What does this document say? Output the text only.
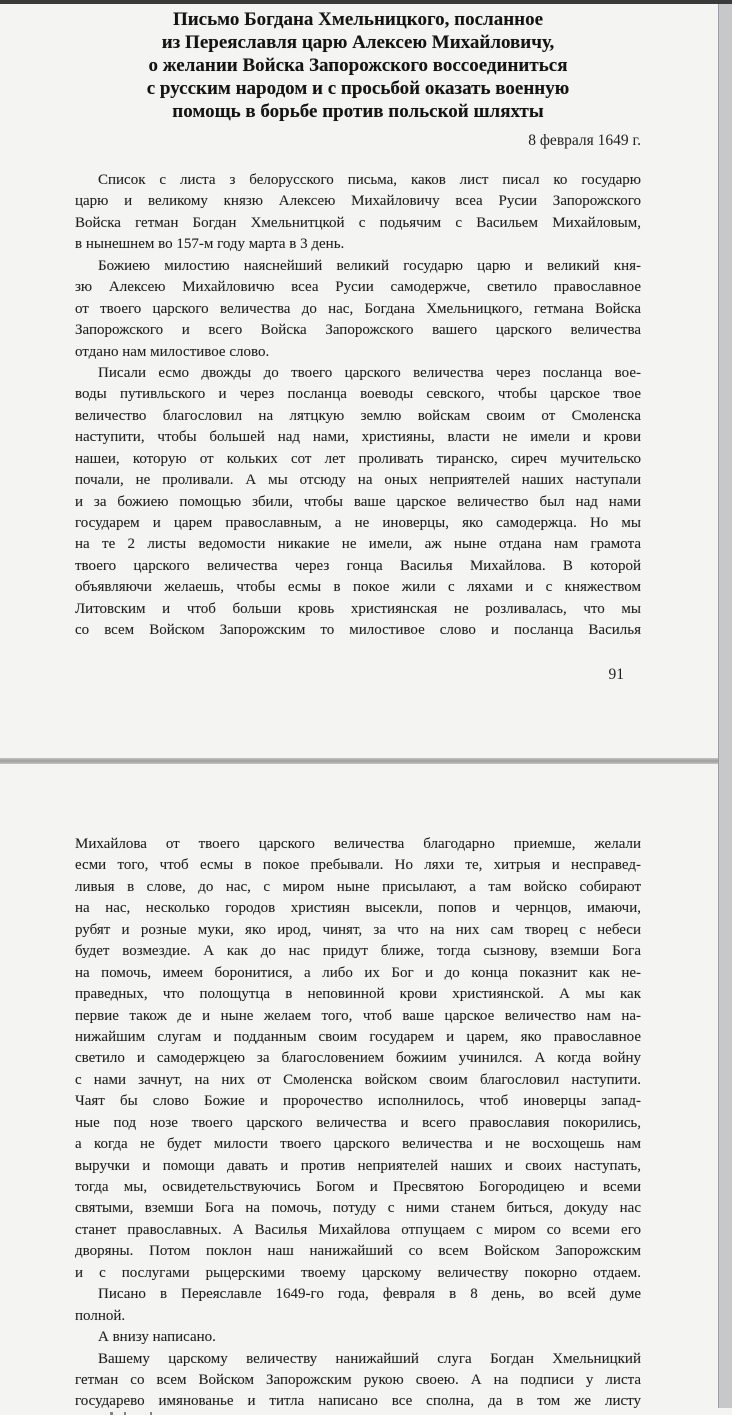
Письмо Богдана Хмельницкого, посланное
из Переяславля царю Алексею Михайловичу,
о желании Войска Запорожского воссоединиться
с русским народом и с просьбой оказать военную
помощь в борьбе против польской шляхты
8 февраля 1649 г.
Список с листа з белорусского письма, каков лист писал ко государю
царю и великому князю Алексею Михайловичу всеа Русии Запорожского
Войска гетман Богдан Хмельнитцкой с подьячим с Васильем Михайловым,
в нынешнем во 157-м году марта в 3 день.
Божиею милостию наяснейший великий государю царю и великий кня-
зю Алексею Михайловичю всеа Русии самодержче, светило православное
от твоего царского величества до нас, Богдана Хмельницкого, гетмана Войска
Запорожского и всего Войска Запорожского вашего царского величества
отдано нам милостивое слово.
Писали есмо двожды до твоего царского величества через посланца вое-
воды путивльского и через посланца воеводы севского, чтобы царское твое
величество благословил на лятцкую землю войскам своим от Смоленска
наступити, чтобы большей над нами, християны, власти не имели и крови
нашеи, которую от кольких сот лет проливать тиранско, сиреч мучительско
почали, не проливали. А мы отсюду на оных неприятелей наших наступали
и за божиею помощью збили, чтобы ваше царское величество был над нами
государем и царем православным, а не иноверцы, яко самодержца. Но мы
на те 2 листы ведомости никакие не имели, аж ныне отдана нам грамота
твоего царского величества через гонца Василья Михайлова. В которой
объявляючи желаешь, чтобы есмы в покое жили с ляхами и с княжеством
Литовским и чтоб больши кровь християнская не розливалась, что мы
со всем Войском Запорожским то милостивое слово и посланца Василья
91
Михайлова от твоего царского величества благодарно приемше, желали
есми того, чтоб есмы в покое пребывали. Но ляхи те, хитрыя и несправед-
ливыя в слове, до нас, с миром ныне присылают, а там войско собирают
на нас, несколько городов християн высекли, попов и чернцов, имаючи,
рубят и розные муки, яко ирод, чинят, за что на них сам творец с небеси
будет возмездие. А как до нас придут ближе, тогда сызнову, вземши Бога
на помочь, имеем боронитися, а либо их Бог и до конца показнит как не-
праведных, что полощутца в неповинной крови християнской. А мы как
первие також де и ныне желаем того, чтоб ваше царское величество нам на-
нижайшим слугам и подданным своим государем и царем, яко православное
светило и самодержцею за благословением божиим учинился. А когда войну
с нами зачнут, на них от Смоленска войском своим благословил наступити.
Чаят бы слово Божие и пророчество исполнилось, чтоб иноверцы запад-
ные под нозе твоего царского величества и всего православия покорились,
а когда не будет милости твоего царского величества и не восхощешь нам
выручки и помощи давать и против неприятелей наших и своих наступать,
тогда мы, освидетельствуючись Богом и Пресвятою Богородицею и всеми
святыми, вземши Бога на помочь, потуду с ними станем биться, докуду нас
станет православных. А Василья Михайлова отпущаем с миром со всеми его
дворяны. Потом поклон наш нанижайший со всем Войском Запорожским
и с послугами рыцерскими твоему царскому величеству покорно отдаем.
Писано в Переяславле 1649-го года, февраля в 8 день, во всей думе
полной.
А внизу написано.
Вашему царскому величеству нанижайший слуга Богдан Хмельницкий
гетман со всем Войском Запорожским рукою своею. А на подписи у листа
государево имянованье и титла написано все сполна, да в том же листу
